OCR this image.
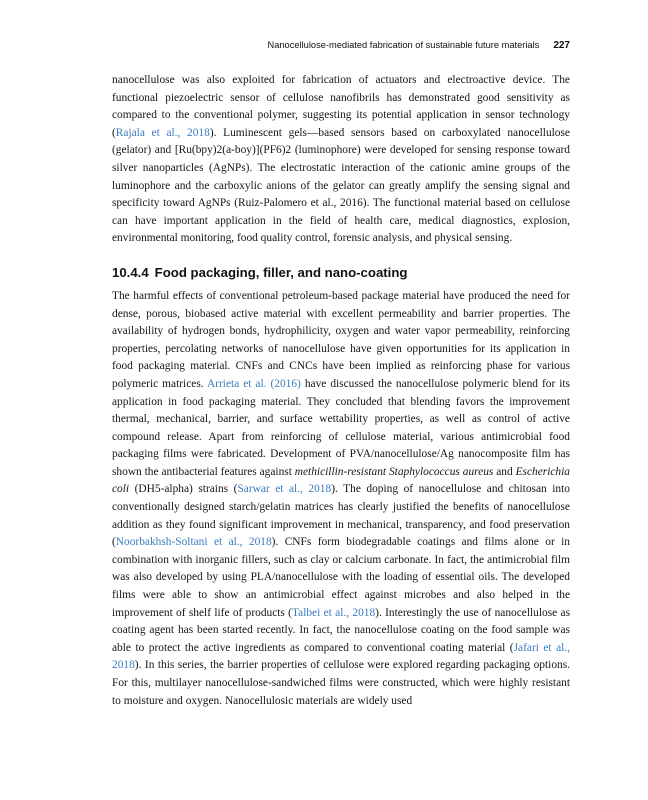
Nanocellulose-mediated fabrication of sustainable future materials 227

nanocellulose was also exploited for fabrication of actuators and electroactive device. The functional piezoelectric sensor of cellulose nanofibrils has demonstrated good sensitivity as compared to the conventional polymer, suggesting its potential application in sensor technology (Rajala et al., 2018). Luminescent gels—based sensors based on carboxylated nanocellulose (gelator) and [Ru(bpy)2(a-boy)](PF6)2 (luminophore) were developed for sensing response toward silver nanoparticles (AgNPs). The electrostatic interaction of the cationic amine groups of the luminophore and the carboxylic anions of the gelator can greatly amplify the sensing signal and specificity toward AgNPs (Ruiz-Palomero et al., 2016). The functional material based on cellulose can have important application in the field of health care, medical diagnostics, explosion, environmental monitoring, food quality control, forensic analysis, and physical sensing.

10.4.4 Food packaging, filler, and nano-coating

The harmful effects of conventional petroleum-based package material have produced the need for dense, porous, biobased active material with excellent permeability and barrier properties. The availability of hydrogen bonds, hydrophilicity, oxygen and water vapor permeability, reinforcing properties, percolating networks of nanocellulose have given opportunities for its application in food packaging material. CNFs and CNCs have been implied as reinforcing phase for various polymeric matrices. Arrieta et al. (2016) have discussed the nanocellulose polymeric blend for its application in food packaging material. They concluded that blending favors the improvement thermal, mechanical, barrier, and surface wettability properties, as well as control of active compound release. Apart from reinforcing of cellulose material, various antimicrobial food packaging films were fabricated. Development of PVA/nanocellulose/Ag nanocomposite film has shown the antibacterial features against methicillin-resistant Staphylococcus aureus and Escherichia coli (DH5-alpha) strains (Sarwar et al., 2018). The doping of nanocellulose and chitosan into conventionally designed starch/gelatin matrices has clearly justified the benefits of nanocellulose addition as they found significant improvement in mechanical, transparency, and food preservation (Noorbakhsh-Soltani et al., 2018). CNFs form biodegradable coatings and films alone or in combination with inorganic fillers, such as clay or calcium carbonate. In fact, the antimicrobial film was also developed by using PLA/nanocellulose with the loading of essential oils. The developed films were able to show an antimicrobial effect against microbes and also helped in the improvement of shelf life of products (Talbei et al., 2018). Interestingly the use of nanocellulose as coating agent has been started recently. In fact, the nanocellulose coating on the food sample was able to protect the active ingredients as compared to conventional coating material (Jafari et al., 2018). In this series, the barrier properties of cellulose were explored regarding packaging options. For this, multilayer nanocellulose-sandwiched films were constructed, which were highly resistant to moisture and oxygen. Nanocellulosic materials are widely used
